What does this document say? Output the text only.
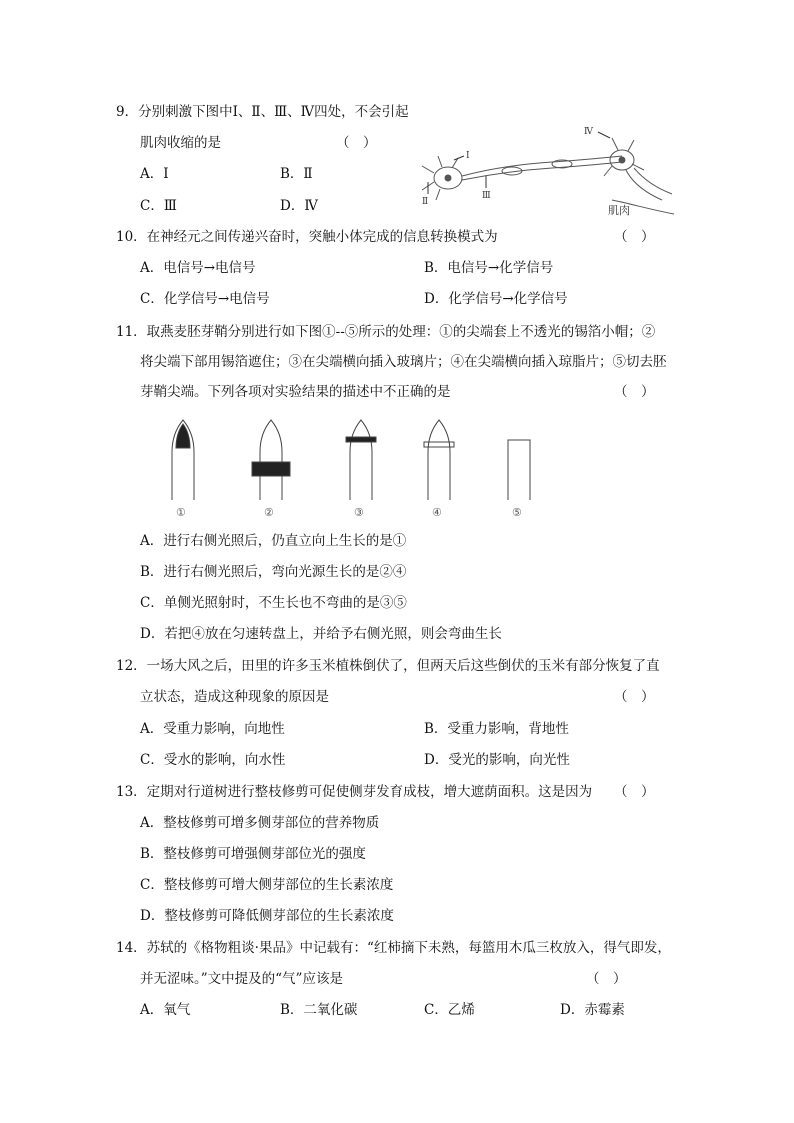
9．分别刺激下图中Ⅰ、Ⅱ、Ⅲ、Ⅳ四处，不会引起
肌肉收缩的是	（　）
A．Ⅰ	B．Ⅱ
C．Ⅲ	D．Ⅳ
Ⅰ
Ⅱ
Ⅲ
Ⅳ
肌肉
10．在神经元之间传递兴奋时，突触小体完成的信息转换模式为	（　）
A．电信号→电信号	B．电信号→化学信号
C．化学信号→电信号	D．化学信号→化学信号
11．取燕麦胚芽鞘分别进行如下图①--⑤所示的处理：①的尖端套上不透光的锡箔小帽；②
将尖端下部用锡箔遮住；③在尖端横向插入玻璃片；④在尖端横向插入琼脂片；⑤切去胚
芽鞘尖端。下列各项对实验结果的描述中不正确的是	（　）
①	②	③	④	⑤
A．进行右侧光照后，仍直立向上生长的是①
B．进行右侧光照后，弯向光源生长的是②④
C．单侧光照射时，不生长也不弯曲的是③⑤
D．若把④放在匀速转盘上，并给予右侧光照，则会弯曲生长
12．一场大风之后，田里的许多玉米植株倒伏了，但两天后这些倒伏的玉米有部分恢复了直
立状态，造成这种现象的原因是	（　）
A．受重力影响，向地性	B．受重力影响，背地性
C．受水的影响，向水性	D．受光的影响，向光性
13．定期对行道树进行整枝修剪可促使侧芽发育成枝，增大遮荫面积。这是因为 （　）
A．整枝修剪可增多侧芽部位的营养物质
B．整枝修剪可增强侧芽部位光的强度
C．整枝修剪可增大侧芽部位的生长素浓度
D．整枝修剪可降低侧芽部位的生长素浓度
14．苏轼的《格物粗谈·果品》中记载有：“红柿摘下未熟，每篮用木瓜三枚放入，得气即发，
并无涩味。”文中提及的“气”应该是	（　）
A．氧气	B．二氧化碳	C．乙烯	D．赤霉素
